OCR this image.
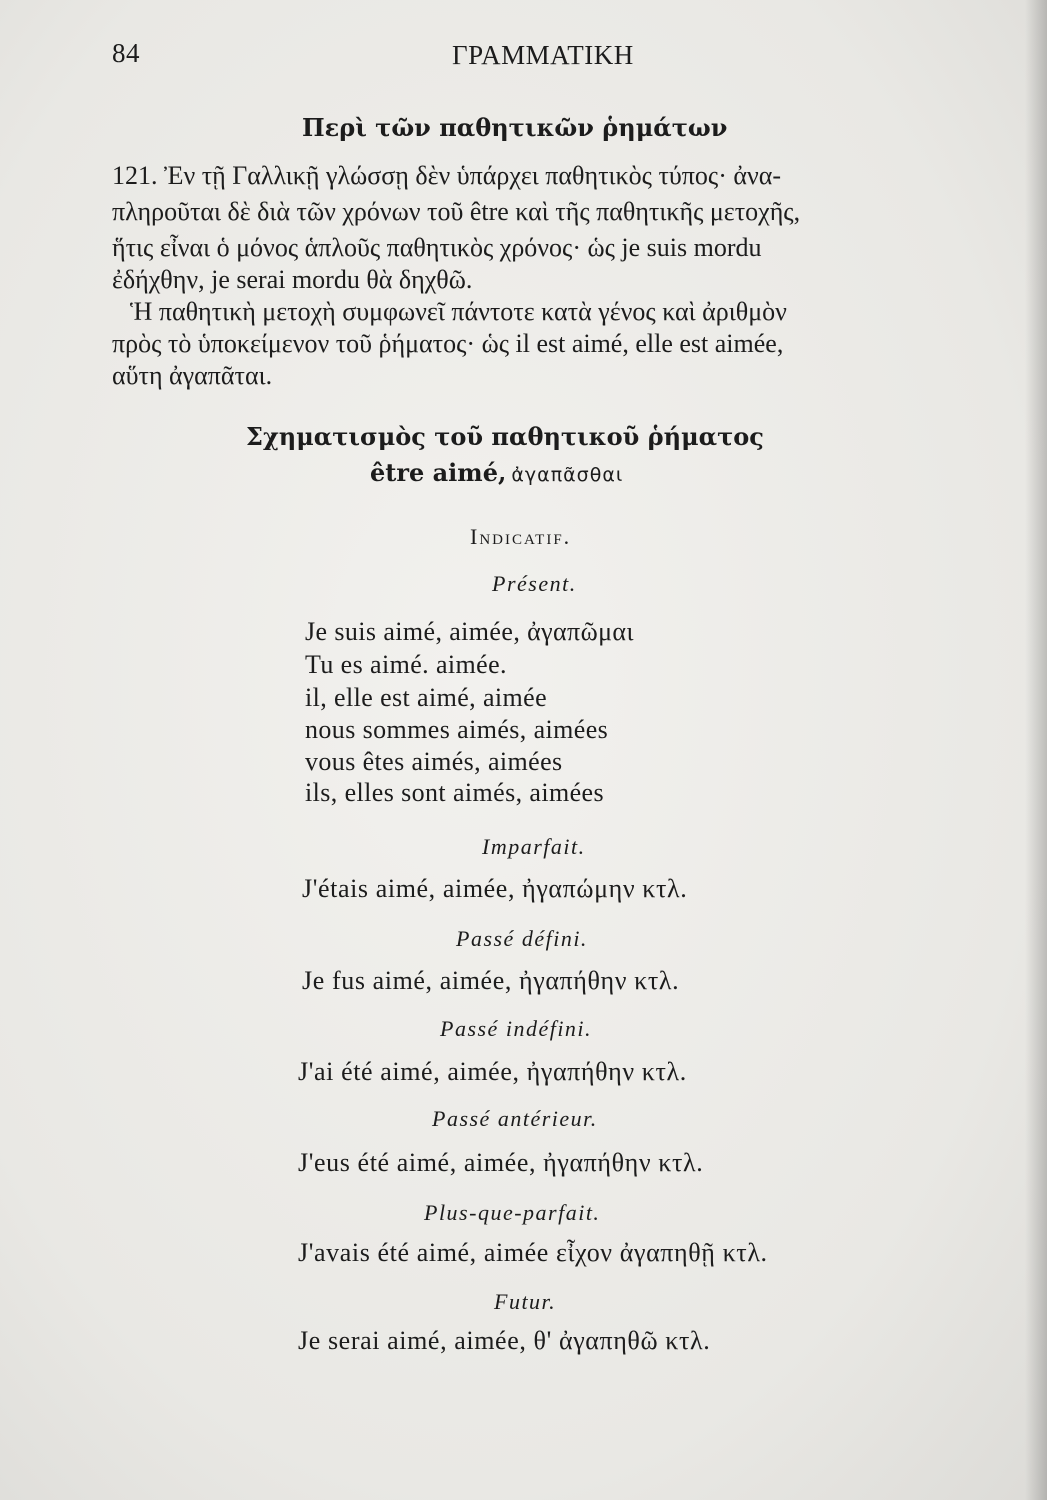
84	ΓΡΑΜΜΑΤΙΚΗ
Περὶ τῶν παθητικῶν ῥημάτων
121. Ἐν τῇ Γαλλικῇ γλώσσῃ δὲν ὑπάρχει παθητικὸς τύπος· ἀνα-
πληροῦται δὲ διὰ τῶν χρόνων τοῦ être καὶ τῆς παθητικῆς μετοχῆς,
ἥτις εἶναι ὁ μόνος ἁπλοῦς παθητικὸς χρόνος· ὡς je suis mordu
ἐδήχθην, je serai mordu θὰ δηχθῶ.
Ἡ παθητικὴ μετοχὴ συμφωνεῖ πάντοτε κατὰ γένος καὶ ἀριθμὸν
πρὸς τὸ ὑποκείμενον τοῦ ῥήματος· ὡς il est aimé, elle est aimée,
αὕτη ἀγαπᾶται.
Σχηματισμὸς τοῦ παθητικοῦ ῥήματος
être aimé, ἀγαπᾶσθαι
Indicatif.
Présent.
Je suis aimé, aimée, ἀγαπῶμαι
Tu es aimé. aimée.
il, elle est aimé, aimée
nous sommes aimés, aimées
vous êtes aimés, aimées
ils, elles sont aimés, aimées
Imparfait.
J'étais aimé, aimée, ἠγαπώμην κτλ.
Passé défini.
Je fus aimé, aimée, ἠγαπήθην κτλ.
Passé indéfini.
J'ai été aimé, aimée, ἠγαπήθην κτλ.
Passé antérieur.
J'eus été aimé, aimée, ἠγαπήθην κτλ.
Plus-que-parfait.
J'avais été aimé, aimée εἶχον ἀγαπηθῇ κτλ.
Futur.
Je serai aimé, aimée, θ' ἀγαπηθῶ κτλ.
